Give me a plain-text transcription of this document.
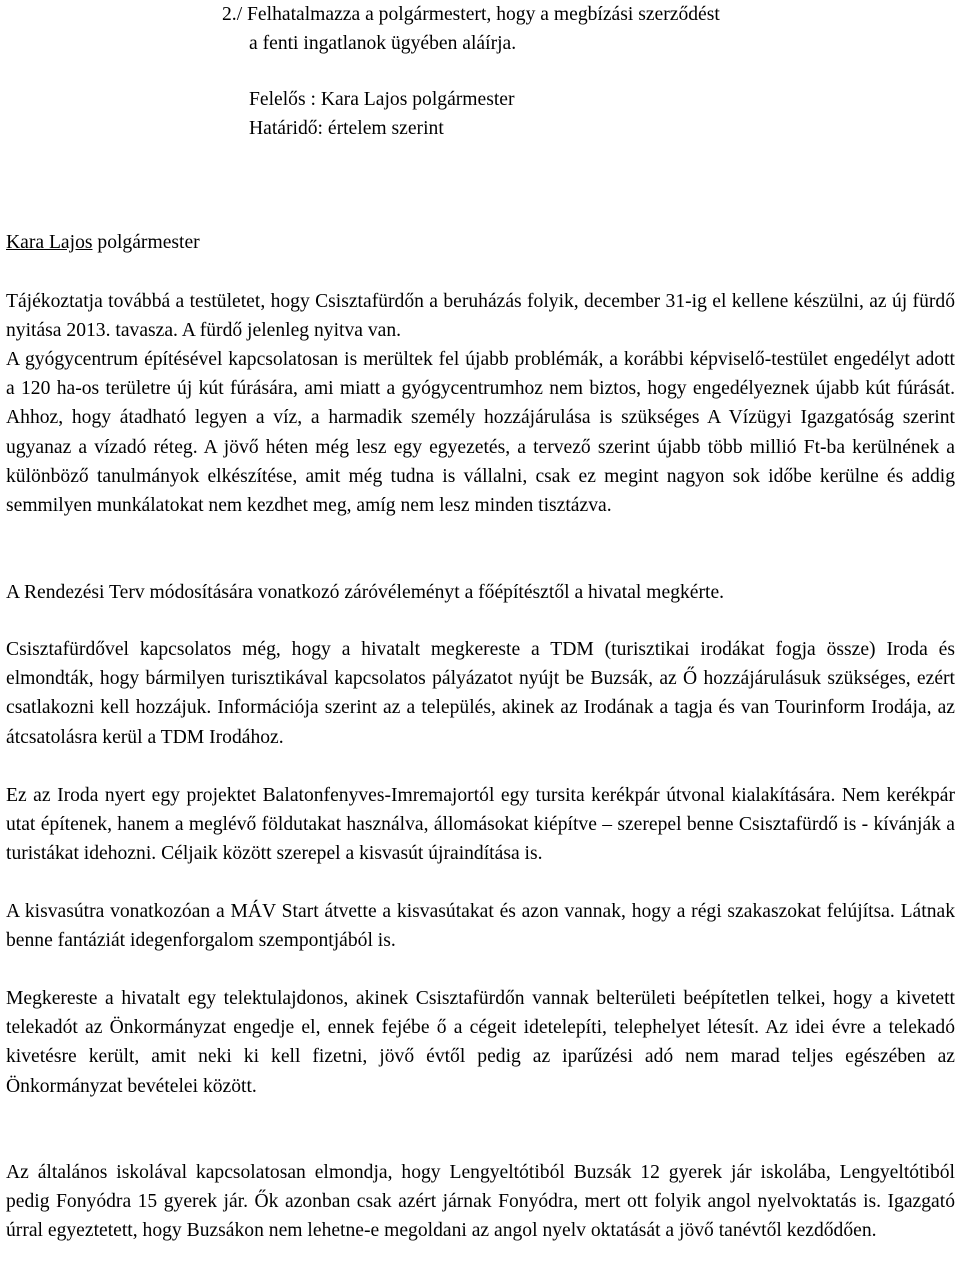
2./ Felhatalmazza a polgármestert, hogy a megbízási szerződést

a fenti ingatlanok ügyében aláírja.

Felelős : Kara Lajos polgármester

Határidő: értelem szerint

Kara Lajos polgármester

Tájékoztatja továbbá a testületet, hogy Csisztafürdőn a beruházás folyik, december 31-ig el kellene készülni, az új fürdő nyitása 2013. tavasza. A fürdő jelenleg nyitva van.

A gyógycentrum építésével kapcsolatosan is merültek fel újabb problémák, a korábbi képviselő-testület engedélyt adott a 120 ha-os területre új kút fúrására, ami miatt a gyógycentrumhoz nem biztos, hogy engedélyeznek újabb kút fúrását. Ahhoz, hogy átadható legyen a víz, a harmadik személy hozzájárulása is szükséges A Vízügyi Igazgatóság szerint ugyanaz a vízadó réteg. A jövő héten még lesz egy egyezetés, a tervező szerint újabb több millió Ft-ba kerülnének a különböző tanulmányok elkészítése, amit még tudna is vállalni, csak ez megint nagyon sok időbe kerülne és addig semmilyen munkálatokat nem kezdhet meg, amíg nem lesz minden tisztázva.

A Rendezési Terv módosítására vonatkozó záróvéleményt a főépítésztől a hivatal megkérte.

Csisztafürdővel kapcsolatos még, hogy a hivatalt megkereste a TDM (turisztikai irodákat fogja össze) Iroda és elmondták, hogy bármilyen turisztikával kapcsolatos pályázatot nyújt be Buzsák, az Ő hozzájárulásuk szükséges, ezért csatlakozni kell hozzájuk. Információja szerint az a település, akinek az Irodának a tagja és van Tourinform Irodája, az átcsatolásra kerül a TDM Irodához.

Ez az Iroda nyert egy projektet Balatonfenyves-Imremajortól egy tursita kerékpár útvonal kialakítására. Nem kerékpár utat építenek, hanem a meglévő földutakat használva, állomásokat kiépítve – szerepel benne Csisztafürdő is - kívánják a turistákat idehozni. Céljaik között szerepel a kisvasút újraindítása is.

A kisvasútra vonatkozóan a MÁV Start átvette a kisvasútakat és azon vannak, hogy a régi szakaszokat felújítsa. Látnak benne fantáziát idegenforgalom szempontjából is.

Megkereste a hivatalt egy telektulajdonos, akinek Csisztafürdőn vannak belterületi beépítetlen telkei, hogy a kivetett telekadót az Önkormányzat engedje el, ennek fejébe ő a cégeit idetelepíti, telephelyet létesít. Az idei évre a telekadó kivetésre került, amit neki ki kell fizetni, jövő évtől pedig az iparűzési adó nem marad teljes egészében az Önkormányzat bevételei között.

Az általános iskolával kapcsolatosan elmondja, hogy Lengyeltótiból Buzsák 12 gyerek jár iskolába, Lengyeltótiból pedig Fonyódra 15 gyerek jár. Ők azonban csak azért járnak Fonyódra, mert ott folyik angol nyelvoktatás is. Igazgató úrral egyeztetett, hogy Buzsákon nem lehetne-e megoldani az angol nyelv oktatását a jövő tanévtől kezdődően.
